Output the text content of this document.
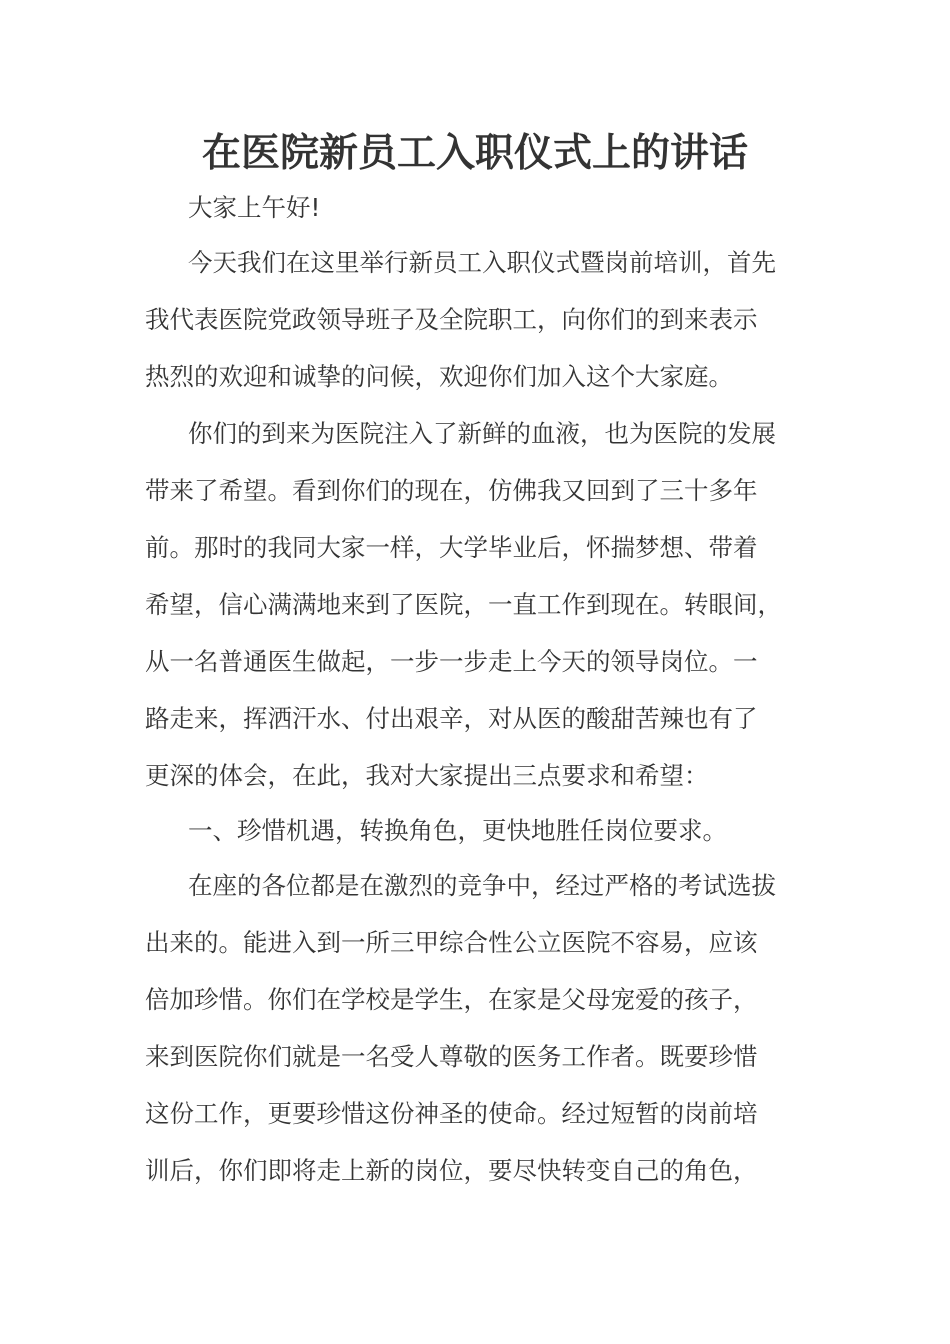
在医院新员工入职仪式上的讲话
大家上午好!
今天我们在这里举行新员工入职仪式暨岗前培训，首先
我代表医院党政领导班子及全院职工，向你们的到来表示
热烈的欢迎和诚挚的问候，欢迎你们加入这个大家庭。
你们的到来为医院注入了新鲜的血液，也为医院的发展
带来了希望。看到你们的现在，仿佛我又回到了三十多年
前。那时的我同大家一样，大学毕业后，怀揣梦想、带着
希望，信心满满地来到了医院，一直工作到现在。转眼间，
从一名普通医生做起，一步一步走上今天的领导岗位。一
路走来，挥洒汗水、付出艰辛，对从医的酸甜苦辣也有了
更深的体会，在此，我对大家提出三点要求和希望：
一、珍惜机遇，转换角色，更快地胜任岗位要求。
在座的各位都是在激烈的竞争中，经过严格的考试选拔
出来的。能进入到一所三甲综合性公立医院不容易，应该
倍加珍惜。你们在学校是学生，在家是父母宠爱的孩子，
来到医院你们就是一名受人尊敬的医务工作者。既要珍惜
这份工作，更要珍惜这份神圣的使命。经过短暂的岗前培
训后，你们即将走上新的岗位，要尽快转变自己的角色，
